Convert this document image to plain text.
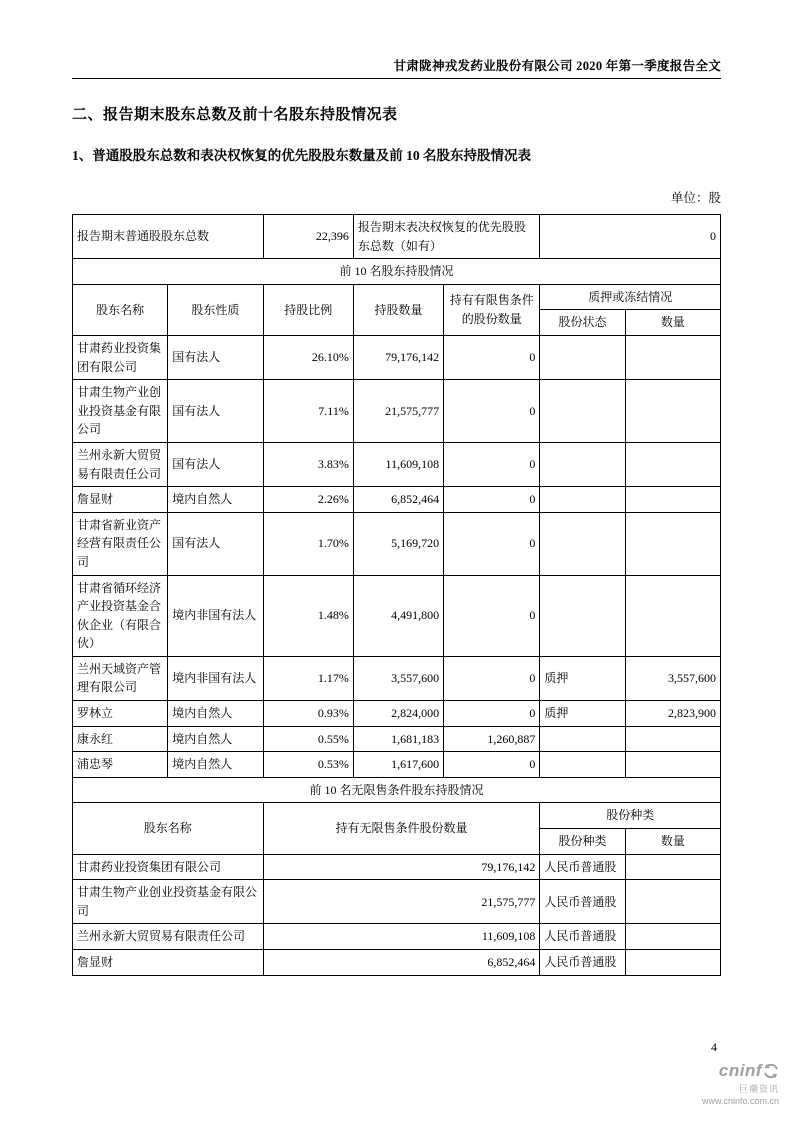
甘肃陇神戎发药业股份有限公司 2020 年第一季度报告全文
二、报告期末股东总数及前十名股东持股情况表
1、普通股股东总数和表决权恢复的优先股股东数量及前 10 名股东持股情况表
单位：股
报告期末普通股股东总数		22,396	报告期末表决权恢复的优先股股东总数（如有）		0	
前 10 名股东持股情况						
股东名称	股东性质	持股比例	持股数量	持有有限售条件的股份数量	质押或冻结情况	
					股份状态	数量
甘肃药业投资集团有限公司	国有法人	26.10%	79,176,142	0		
甘肃生物产业创业投资基金有限公司	国有法人	7.11%	21,575,777	0		
兰州永新大贸贸易有限责任公司	国有法人	3.83%	11,609,108	0		
詹显财	境内自然人	2.26%	6,852,464	0		
甘肃省新业资产经营有限责任公司	国有法人	1.70%	5,169,720	0		
甘肃省循环经济产业投资基金合伙企业（有限合伙）	境内非国有法人	1.48%	4,491,800	0		
兰州天域资产管理有限公司	境内非国有法人	1.17%	3,557,600	0	质押	3,557,600
罗林立	境内自然人	0.93%	2,824,000	0	质押	2,823,900
康永红	境内自然人	0.55%	1,681,183	1,260,887		
浦忠琴	境内自然人	0.53%	1,617,600	0		
前 10 名无限售条件股东持股情况						
股东名称		持有无限售条件股份数量			股份种类	
					股份种类	数量
甘肃药业投资集团有限公司		79,176,142			人民币普通股	
甘肃生物产业创业投资基金有限公司		21,575,777			人民币普通股	
兰州永新大贸贸易有限责任公司		11,609,108			人民币普通股	
詹显财		6,852,464			人民币普通股	
4
cninf
巨潮资讯
www.cninfo.com.cn
